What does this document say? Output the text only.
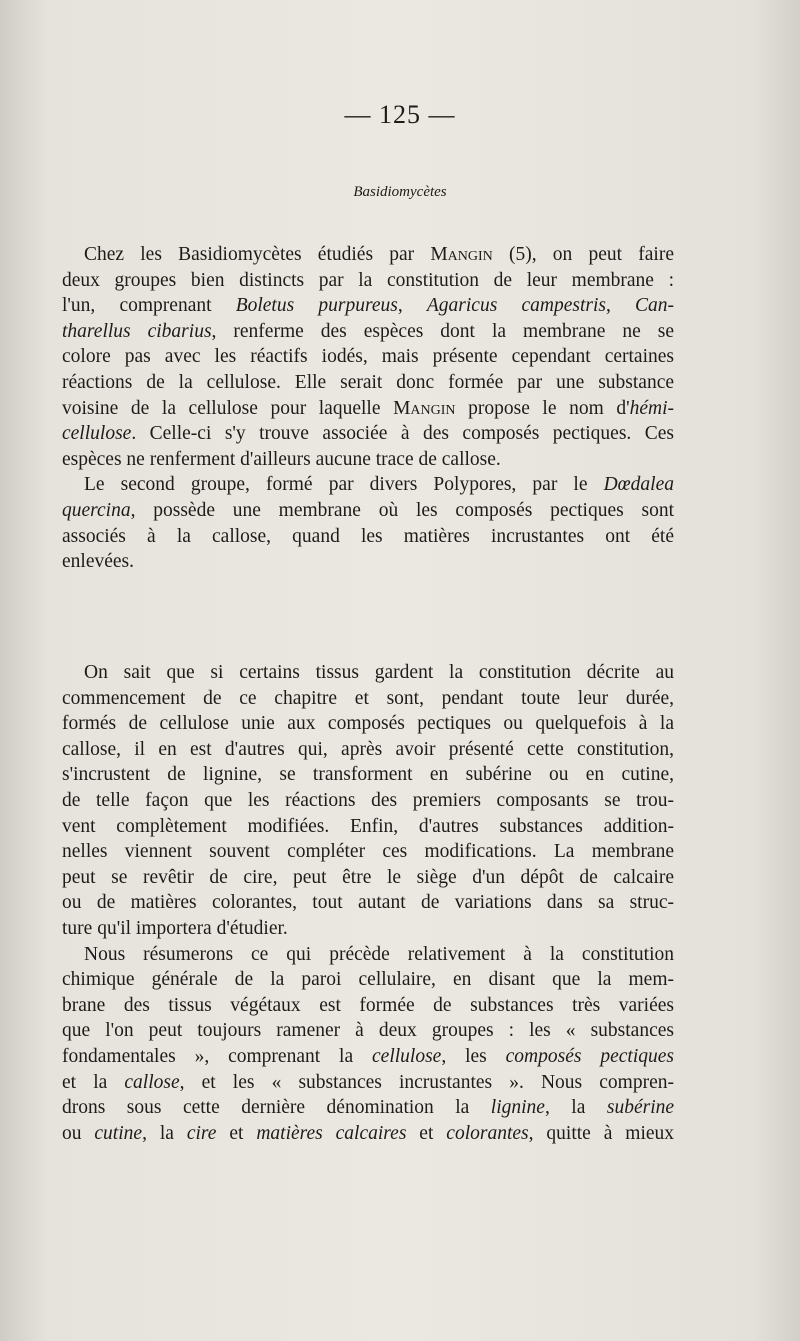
— 125 —
Basidiomycètes
Chez les Basidiomycètes étudiés par Mangin (5), on peut faire
deux groupes bien distincts par la constitution de leur membrane :
l'un, comprenant Boletus purpureus, Agaricus campestris, Can-
tharellus cibarius, renferme des espèces dont la membrane ne se
colore pas avec les réactifs iodés, mais présente cependant certaines
réactions de la cellulose. Elle serait donc formée par une substance
voisine de la cellulose pour laquelle Mangin propose le nom d'hémi-
cellulose. Celle-ci s'y trouve associée à des composés pectiques. Ces
espèces ne renferment d'ailleurs aucune trace de callose.
Le second groupe, formé par divers Polypores, par le Dœdalea
quercina, possède une membrane où les composés pectiques sont
associés à la callose, quand les matières incrustantes ont été
enlevées.
On sait que si certains tissus gardent la constitution décrite au
commencement de ce chapitre et sont, pendant toute leur durée,
formés de cellulose unie aux composés pectiques ou quelquefois à la
callose, il en est d'autres qui, après avoir présenté cette constitution,
s'incrustent de lignine, se transforment en subérine ou en cutine,
de telle façon que les réactions des premiers composants se trou-
vent complètement modifiées. Enfin, d'autres substances addition-
nelles viennent souvent compléter ces modifications. La membrane
peut se revêtir de cire, peut être le siège d'un dépôt de calcaire
ou de matières colorantes, tout autant de variations dans sa struc-
ture qu'il importera d'étudier.
Nous résumerons ce qui précède relativement à la constitution
chimique générale de la paroi cellulaire, en disant que la mem-
brane des tissus végétaux est formée de substances très variées
que l'on peut toujours ramener à deux groupes : les « substances
fondamentales », comprenant la cellulose, les composés pectiques
et la callose, et les « substances incrustantes ». Nous compren-
drons sous cette dernière dénomination la lignine, la subérine
ou cutine, la cire et matières calcaires et colorantes, quitte à mieux
